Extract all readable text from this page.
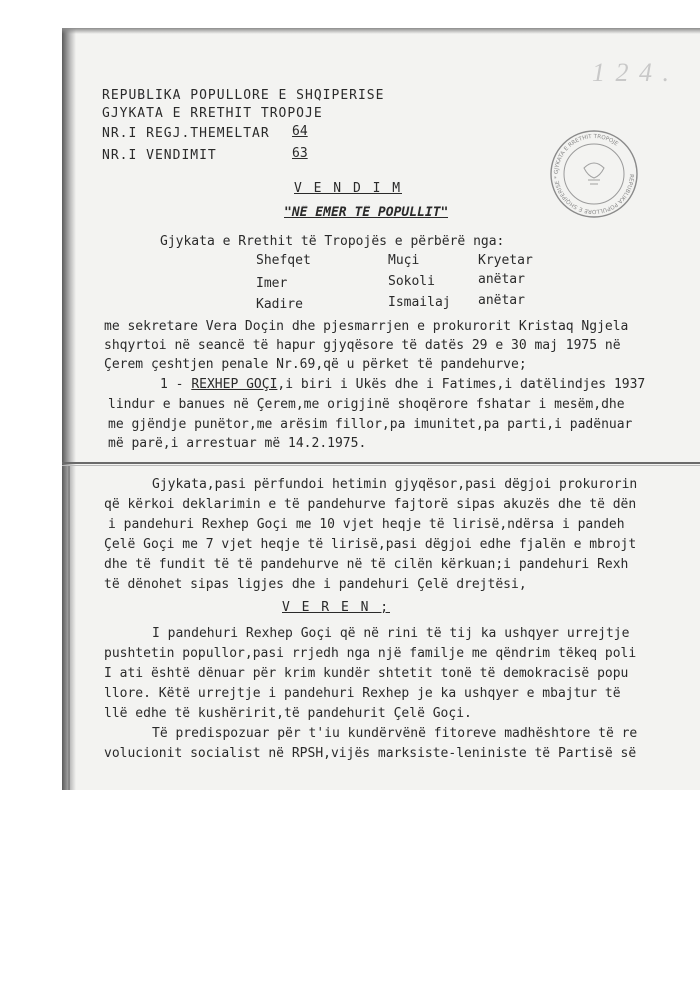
1 2 4 .
REPUBLIKA POPULLORE E SHQIPERISE * GJYKATA E RRETHIT TROPOJE
REPUBLIKA POPULLORE E SHQIPERISE
GJYKATA E RRETHIT TROPOJE
NR.I REGJ.THEMELTAR	64
NR.I VENDIMIT	63
V E N D I M
"NË EMER TË POPULLIT"
Gjykata e Rrethit të Tropojës e përbërë nga:
Shefqet	Muçi	Kryetar
Imer	Sokoli	anëtar
Kadire	Ismailaj anëtar
me sekretare Vera Doçin dhe pjesmarrjen e prokurorit Kristaq Ngjela
shqyrtoi në seancë të hapur gjyqësore të datës 29 e 30 maj 1975 në
Çerem çeshtjen penale Nr.69,që u përket të pandehurve;
1 - REXHEP GOÇI,i biri i Ukës dhe i Fatimes,i datëlindjes 1937
lindur e banues në Çerem,me origjinë shoqërore fshatar i mesëm,dhe
me gjëndje punëtor,me arësim fillor,pa imunitet,pa parti,i padënuar
më parë,i arrestuar më 14.2.1975.
Gjykata,pasi përfundoi hetimin gjyqësor,pasi dëgjoi prokurorin
që kërkoi deklarimin e të pandehurve fajtorë sipas akuzës dhe të dën
i pandehuri Rexhep Goçi me 10 vjet heqje të lirisë,ndërsa i pandeh
Çelë Goçi me 7 vjet heqje të lirisë,pasi dëgjoi edhe fjalën e mbrojt
dhe të fundit të të pandehurve në të cilën kërkuan;i pandehuri Rexh
të dënohet sipas ligjes dhe i pandehuri Çelë drejtësi,
V E R E N ;
I pandehuri Rexhep Goçi që në rini të tij ka ushqyer urrejtje
pushtetin popullor,pasi rrjedh nga një familje me qëndrim tëkeq poli
I ati është dënuar për krim kundër shtetit tonë të demokracisë popu
llore. Këtë urrejtje i pandehuri Rexhep je ka ushqyer e mbajtur të
llë edhe të kushëririt,të pandehurit Çelë Goçi.
Të predispozuar për t'iu kundërvënë fitoreve madhështore të re
volucionit socialist në RPSH,vijës marksiste-leniniste të Partisë së
